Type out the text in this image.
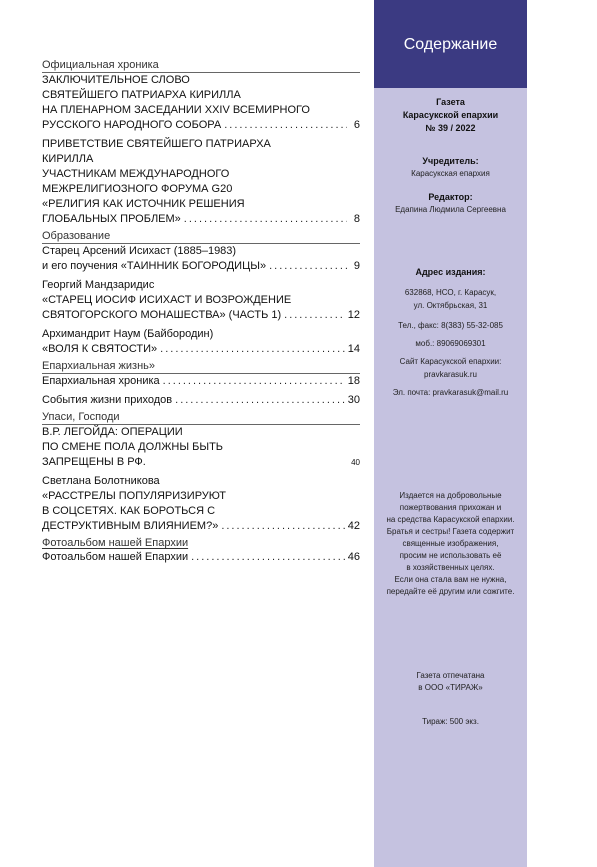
Официальная хроника
ЗАКЛЮЧИТЕЛЬНОЕ СЛОВО
СВЯТЕЙШЕГО ПАТРИАРХА КИРИЛЛА
НА ПЛЕНАРНОМ ЗАСЕДАНИИ XXIV ВСЕМИРНОГО
РУССКОГО НАРОДНОГО СОБОРА .....	6
ПРИВЕТСТВИЕ СВЯТЕЙШЕГО ПАТРИАРХА
КИРИЛЛА
УЧАСТНИКАМ МЕЖДУНАРОДНОГО
МЕЖРЕЛИГИОЗНОГО ФОРУМА G20
«РЕЛИГИЯ КАК ИСТОЧНИК РЕШЕНИЯ
ГЛОБАЛЬНЫХ ПРОБЛЕМ» .....	8
Образование
Старец Арсений Исихаст (1885–1983)
и его поучения «ТАИННИК БОГОРОДИЦЫ» .....	9
Георгий Мандзаридис
«СТАРЕЦ ИОСИФ ИСИХАСТ И ВОЗРОЖДЕНИЕ
СВЯТОГОРСКОГО МОНАШЕСТВА» (ЧАСТЬ 1) .....	12
Архимандрит Наум (Байбородин)
«ВОЛЯ К СВЯТОСТИ» .....	14
Епархиальная жизнь»
Епархиальная хроника .....	18
События жизни приходов .....	30
Упаси, Господи
В.Р. ЛЕГОЙДА: ОПЕРАЦИИ
ПО СМЕНЕ ПОЛА ДОЛЖНЫ БЫТЬ
ЗАПРЕЩЕНЫ В РФ.	40
Светлана Болотникова
«РАССТРЕЛЫ ПОПУЛЯРИЗИРУЮТ
В СОЦСЕТЯХ. КАК БОРОТЬСЯ С
ДЕСТРУКТИВНЫМ ВЛИЯНИЕМ?» .....	42
Фотоальбом нашей Епархии
Фотоальбом нашей Епархии .....	46
Содержание
Газета
Карасукской епархии
№ 39 / 2022
Учредитель:
Карасукская епархия
Редактор:
Едапина Людмила Сергеевна
Адрес издания:

632868, НСО, г. Карасук,
ул. Октябрьская, 31

Тел., факс: 8(383) 55-32-085

моб.: 89069069301

Сайт Карасукской епархии:
pravkarasuk.ru

Эл. почта: pravkarasuk@mail.ru
Издается на добровольные
пожертвования прихожан и
на средства Карасукской епархии.
Братья и сестры! Газета содержит
священные изображения,
просим не использовать её
в хозяйственных целях.
Если она стала вам не нужна,
передайте её другим или сожгите.

Газета отпечатана
в ООО «ТИРАЖ»
Тираж: 500 экз.
